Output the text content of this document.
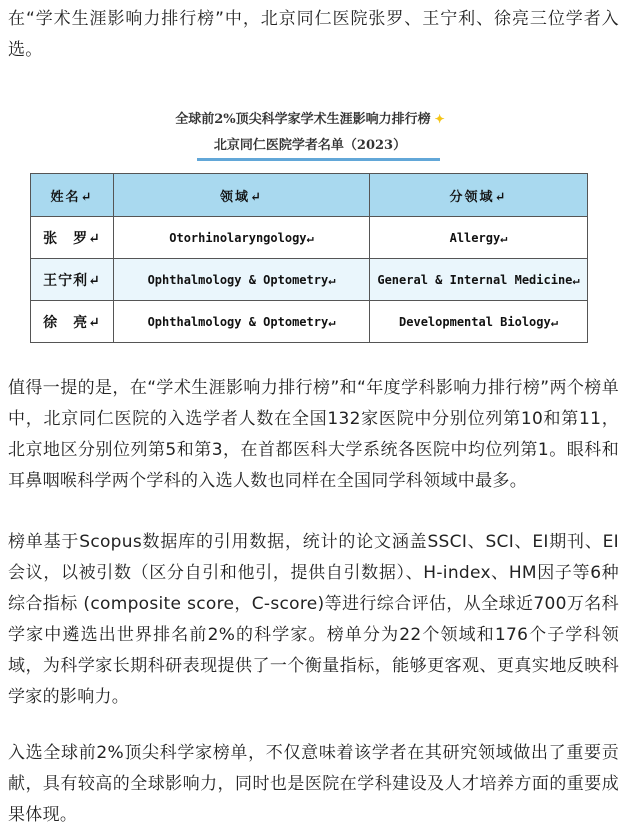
在“学术生涯影响力排行榜”中，北京同仁医院张罗、王宁利、徐亮三位学者入选。

全球前2%顶尖科学家学术生涯影响力排行榜 ✦
北京同仁医院学者名单（2023）
姓名↵	领域↵	分领域↵
张　罗↵	Otorhinolaryngology↵	Allergy↵
王宁利↵	Ophthalmology & Optometry↵	General & Internal Medicine↵
徐　亮↵	Ophthalmology & Optometry↵	Developmental Biology↵

值得一提的是，在“学术生涯影响力排行榜”和“年度学科影响力排行榜”两个榜单中，北京同仁医院的入选学者人数在全国132家医院中分别位列第10和第11，北京地区分别位列第5和第3，在首都医科大学系统各医院中均位列第1。眼科和耳鼻咽喉科学两个学科的入选人数也同样在全国同学科领域中最多。

榜单基于Scopus数据库的引用数据，统计的论文涵盖SSCI、SCI、EI期刊、EI会议，以被引数（区分自引和他引，提供自引数据）、H-index、HM因子等6种综合指标 (composite score，C-score)等进行综合评估，从全球近700万名科学家中遴选出世界排名前2%的科学家。榜单分为22个领域和176个子学科领域，为科学家长期科研表现提供了一个衡量指标，能够更客观、更真实地反映科学家的影响力。

入选全球前2%顶尖科学家榜单，不仅意味着该学者在其研究领域做出了重要贡献，具有较高的全球影响力，同时也是医院在学科建设及人才培养方面的重要成果体现。
